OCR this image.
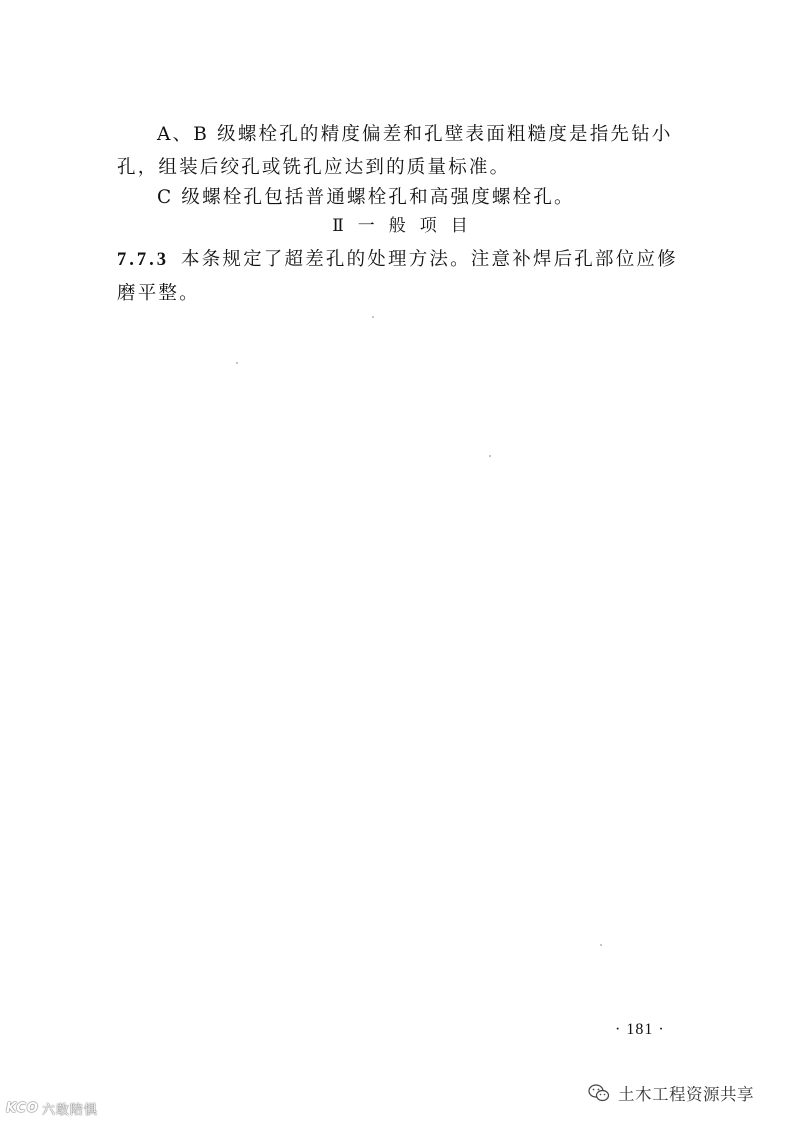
A、B 级螺栓孔的精度偏差和孔壁表面粗糙度是指先钻小孔，组装后绞孔或铣孔应达到的质量标准。

C 级螺栓孔包括普通螺栓孔和高强度螺栓孔。

Ⅱ 一般项目

7.7.3 本条规定了超差孔的处理方法。注意补焊后孔部位应修磨平整。

· 181 ·
土木工程资源共享
KCO 六敢陪惧
